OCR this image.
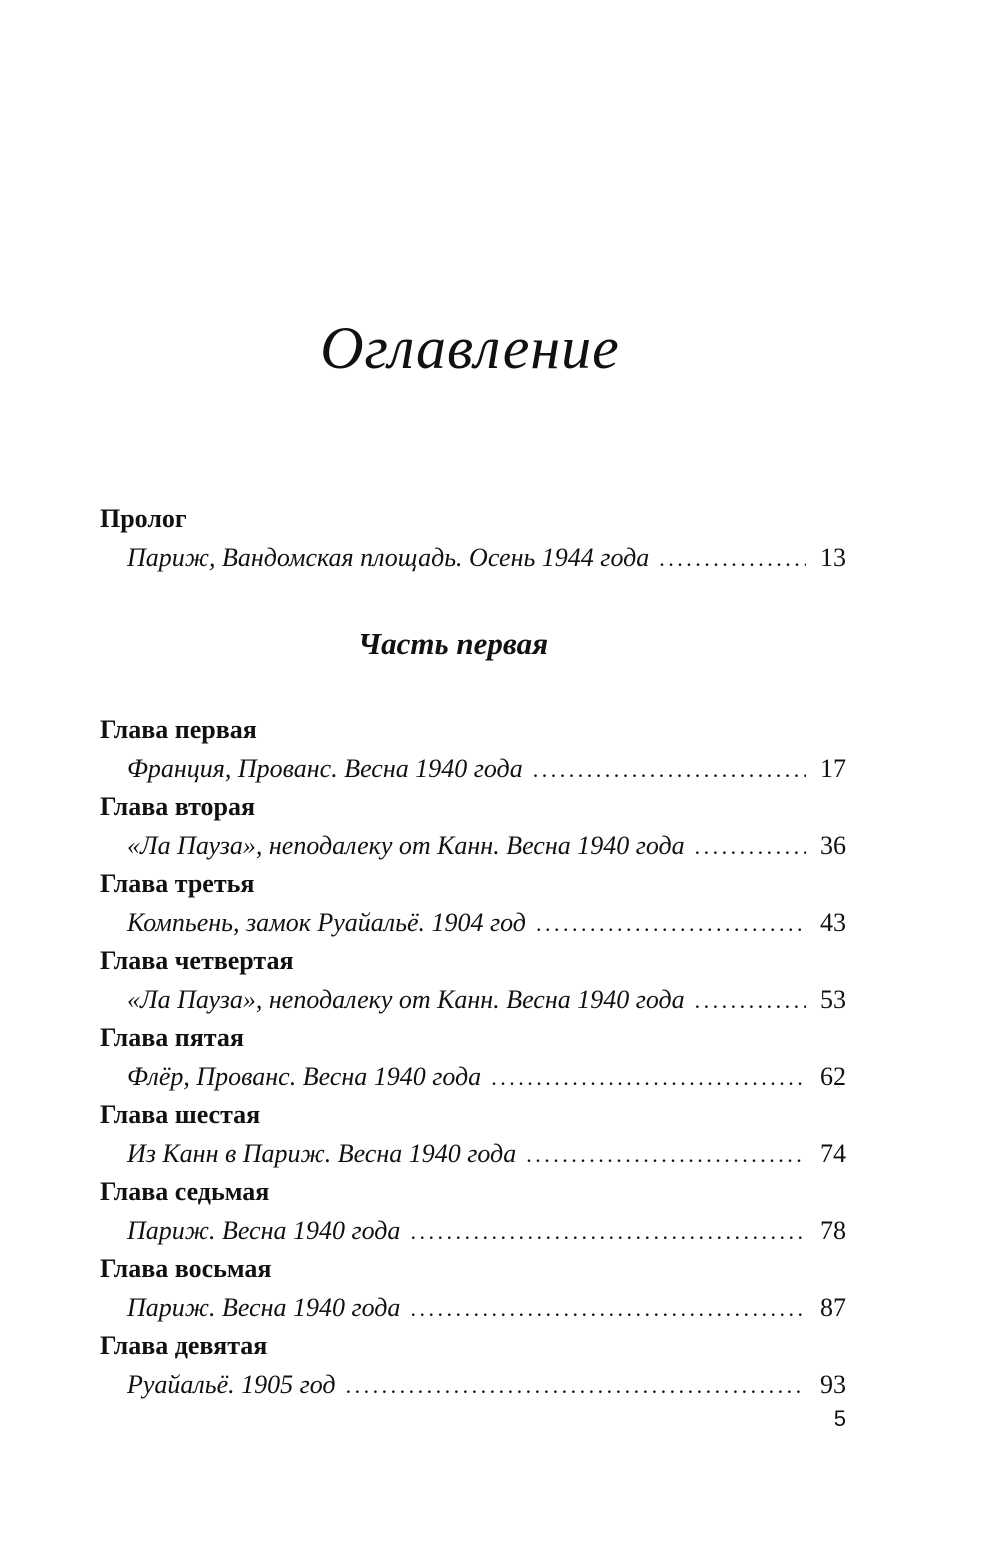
Оглавление
Пролог
Париж, Вандомская площадь. Осень 1944 года . . .	13
Часть первая
Глава первая
Франция, Прованс. Весна 1940 года . . .	17
Глава вторая
«Ла Пауза», неподалеку от Канн. Весна 1940 года . . .	36
Глава третья
Компьень, замок Руайальё. 1904 год . . .	43
Глава четвертая
«Ла Пауза», неподалеку от Канн. Весна 1940 года . . .	53
Глава пятая
Флёр, Прованс. Весна 1940 года . . .	62
Глава шестая
Из Канн в Париж. Весна 1940 года . . .	74
Глава седьмая
Париж. Весна 1940 года . . .	78
Глава восьмая
Париж. Весна 1940 года . . .	87
Глава девятая
Руайальё. 1905 год . . .	93
5
